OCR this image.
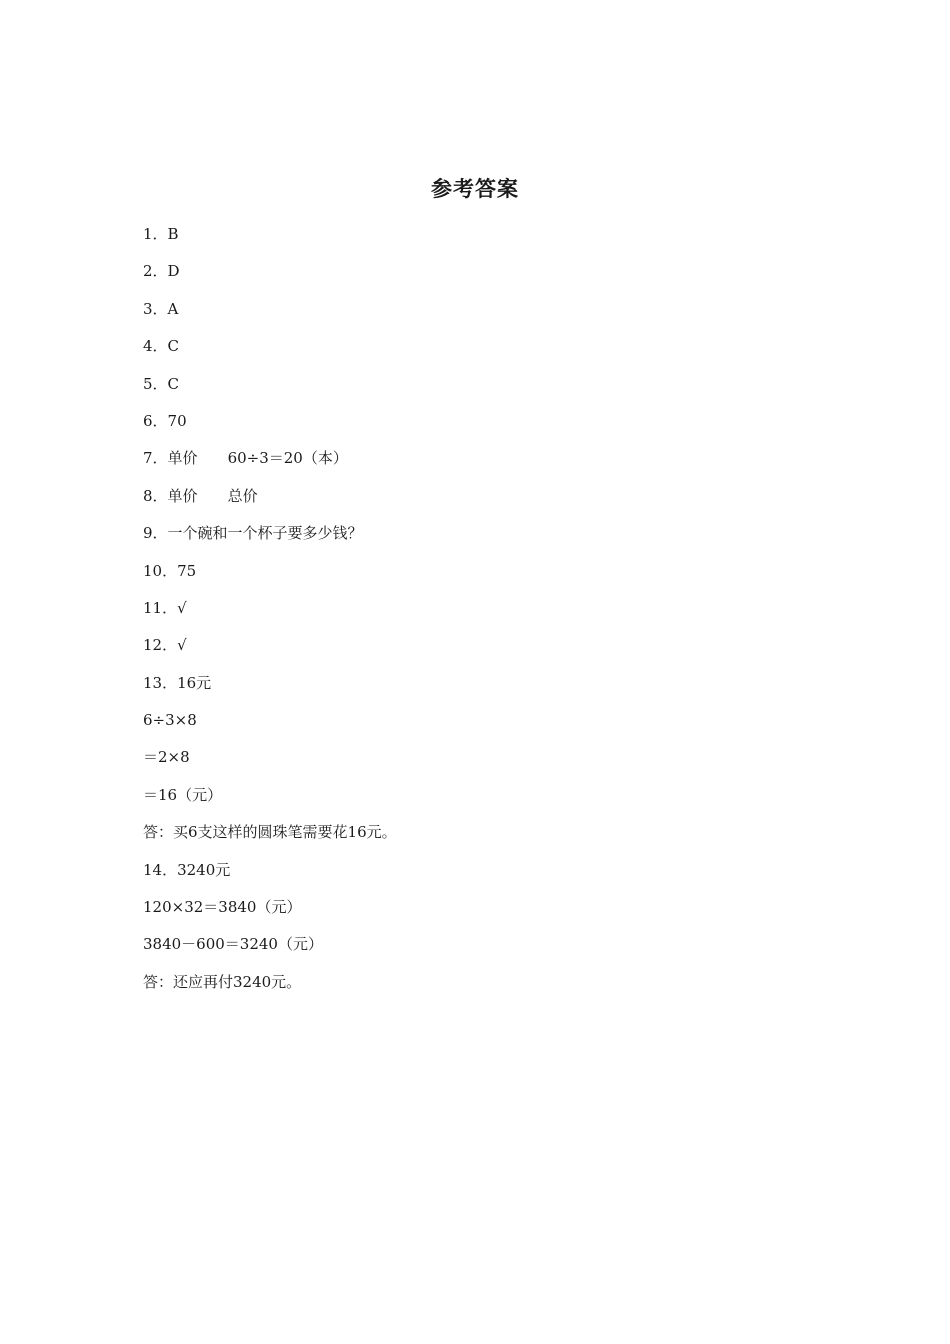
参考答案
1．B
2．D
3．A
4．C
5．C
6．70
7．单价 60÷3＝20（本）
8．单价 总价
9．一个碗和一个杯子要多少钱？
10．75
11．√
12．√
13．16元
6÷3×8
＝2×8
＝16（元）
答：买6支这样的圆珠笔需要花16元。
14．3240元
120×32＝3840（元）
3840－600＝3240（元）
答：还应再付3240元。
